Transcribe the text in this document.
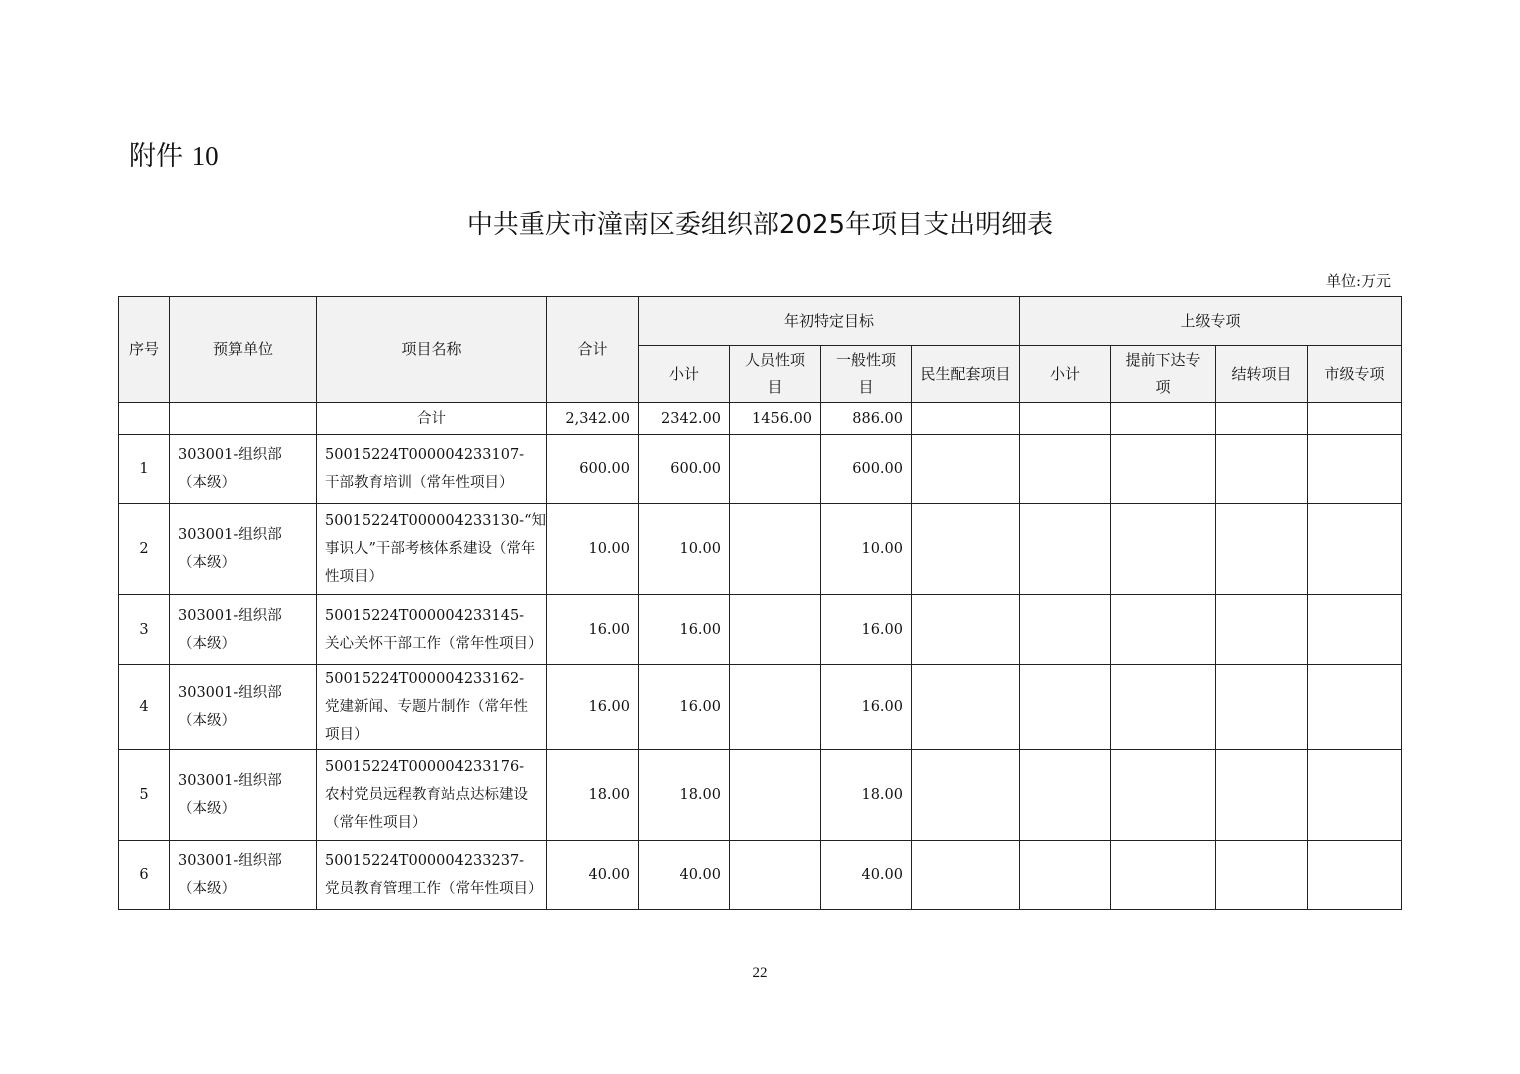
附件 10
中共重庆市潼南区委组织部2025年项目支出明细表
单位:万元
序号	预算单位	项目名称	合计	年初特定目标				上级专项			
				小计	人员性项目	一般性项目	民生配套项目	小计	提前下达专项	结转项目	市级专项
		合计	2,342.00	2342.00	1456.00	886.00					
1	303001-组织部（本级）	50015224T000004233107-干部教育培训（常年性项目）	600.00	600.00		600.00					
2	303001-组织部（本级）	50015224T000004233130-“知事识人”干部考核体系建设（常年性项目）	10.00	10.00		10.00					
3	303001-组织部（本级）	50015224T000004233145-关心关怀干部工作（常年性项目）	16.00	16.00		16.00					
4	303001-组织部（本级）	50015224T000004233162-党建新闻、专题片制作（常年性项目）	16.00	16.00		16.00					
5	303001-组织部（本级）	50015224T000004233176-农村党员远程教育站点达标建设（常年性项目）	18.00	18.00		18.00					
6	303001-组织部（本级）	50015224T000004233237-党员教育管理工作（常年性项目）	40.00	40.00		40.00					
22
